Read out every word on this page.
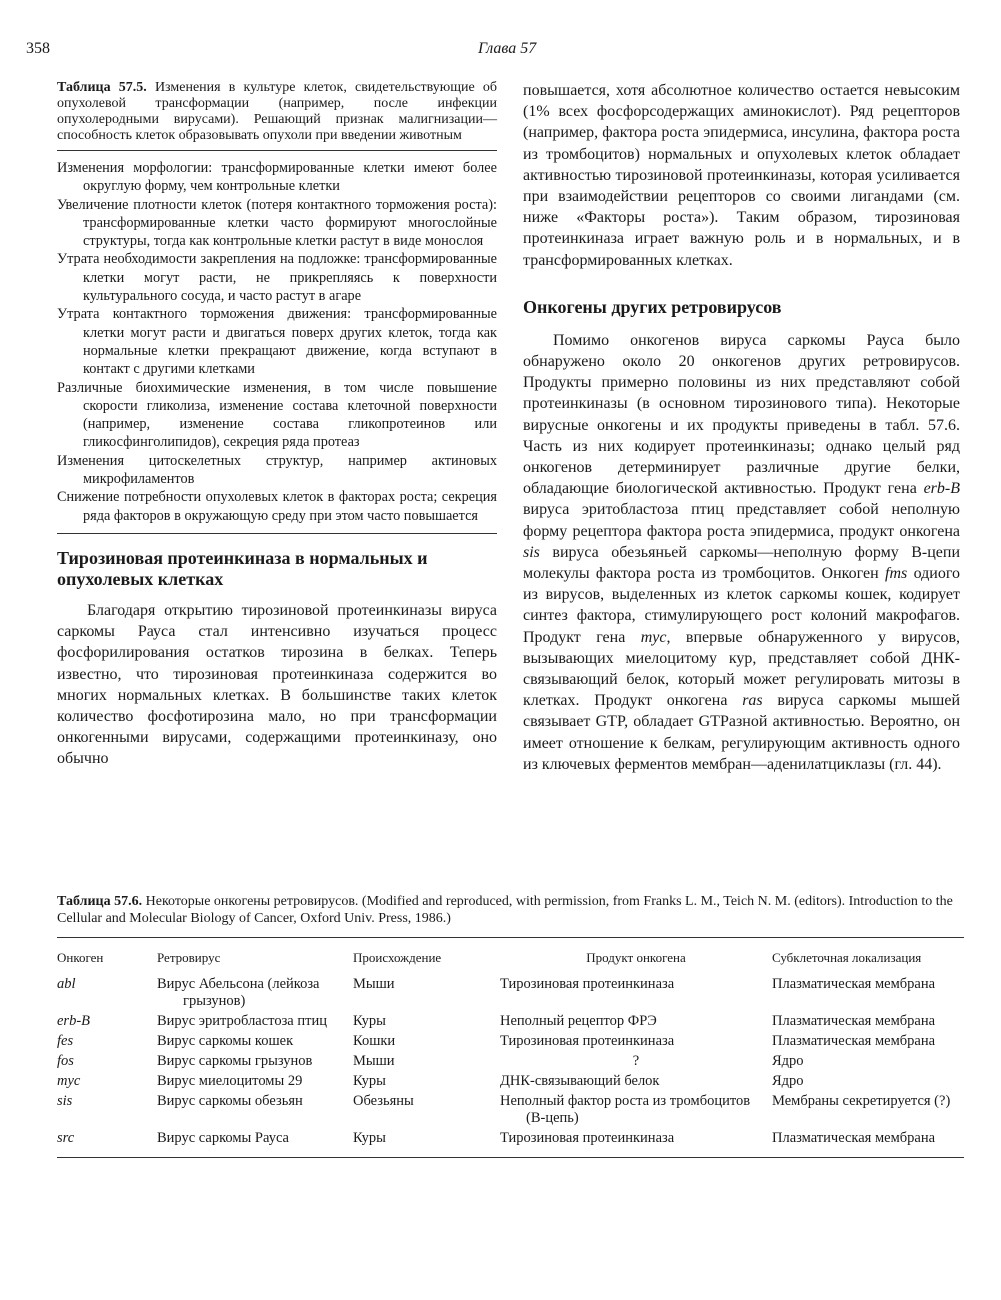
358	Глава 57
Таблица 57.5. Изменения в культуре клеток, свидетельствующие об опухолевой трансформации (например, после инфекции опухолеродными вирусами). Решающий признак малигнизации—способность клеток образовывать опухоли при введении животным
Изменения морфологии: трансформированные клетки имеют более округлую форму, чем контрольные клетки
Увеличение плотности клеток (потеря контактного торможения роста): трансформированные клетки часто формируют многослойные структуры, тогда как контрольные клетки растут в виде монослоя
Утрата необходимости закрепления на подложке: трансформированные клетки могут расти, не прикрепляясь к поверхности культурального сосуда, и часто растут в агаре
Утрата контактного торможения движения: трансформированные клетки могут расти и двигаться поверх других клеток, тогда как нормальные клетки прекращают движение, когда вступают в контакт с другими клетками
Различные биохимические изменения, в том числе повышение скорости гликолиза, изменение состава клеточной поверхности (например, изменение состава гликопротеинов или гликосфинголипидов), секреция ряда протеаз
Изменения цитоскелетных структур, например актиновых микрофиламентов
Снижение потребности опухолевых клеток в факторах роста; секреция ряда факторов в окружающую среду при этом часто повышается
Тирозиновая протеинкиназа в нормальных и опухолевых клетках

Благодаря открытию тирозиновой протеинкиназы вируса саркомы Рауса стал интенсивно изучаться процесс фосфорилирования остатков тирозина в белках. Теперь известно, что тирозиновая протеинкиназа содержится во многих нормальных клетках. В большинстве таких клеток количество фосфотирозина мало, но при трансформации онкогенными вирусами, содержащими протеинкиназу, оно обычно

повышается, хотя абсолютное количество остается невысоким (1% всех фосфорсодержащих аминокислот). Ряд рецепторов (например, фактора роста эпидермиса, инсулина, фактора роста из тромбоцитов) нормальных и опухолевых клеток обладает активностью тирозиновой протеинкиназы, которая усиливается при взаимодействии рецепторов со своими лигандами (см. ниже «Факторы роста»). Таким образом, тирозиновая протеинкиназа играет важную роль и в нормальных, и в трансформированных клетках.

Онкогены других ретровирусов

Помимо онкогенов вируса саркомы Рауса было обнаружено около 20 онкогенов других ретровирусов. Продукты примерно половины из них представляют собой протеинкиназы (в основном тирозинового типа). Некоторые вирусные онкогены и их продукты приведены в табл. 57.6. Часть из них кодирует протеинкиназы; однако целый ряд онкогенов детерминирует различные другие белки, обладающие биологической активностью. Продукт гена erb-B вируса эритобластоза птиц представляет собой неполную форму рецептора фактора роста эпидермиса, продукт онкогена sis вируса обезьяньей саркомы—неполную форму В-цепи молекулы фактора роста из тромбоцитов. Онкоген fms одиого из вирусов, выделенных из клеток саркомы кошек, кодирует синтез фактора, стимулирующего рост колоний макрофагов. Продукт гена myc, впервые обнаруженного у вирусов, вызывающих миелоцитому кур, представляет собой ДНК-связывающий белок, который может регулировать митозы в клетках. Продукт онкогена ras вируса саркомы мышей связывает GTP, обладает GTPазной активностью. Вероятно, он имеет отношение к белкам, регулирующим активность одного из ключевых ферментов мембран—аденилатциклазы (гл. 44).

Таблица 57.6. Некоторые онкогены ретровирусов. (Modified and reproduced, with permission, from Franks L. M., Teich N. M. (editors). Introduction to the Cellular and Molecular Biology of Cancer, Oxford Univ. Press, 1986.)
Онкоген	Ретровирус	Происхождение	Продукт онкогена	Субклеточная локализация
abl	Вирус Абельсона (лейкоза грызунов)	Мыши	Тирозиновая протеинкиназа	Плазматическая мембрана

erb-B	Вирус эритробластоза птиц	Куры	Неполный рецептор ФРЭ	Плазматическая мембрана

fes	Вирус саркомы кошек	Кошки	Тирозиновая протеинкиназа	Плазматическая мембрана

fos	Вирус саркомы грызунов	Мыши	?	Ядро

myc	Вирус миелоцитомы 29	Куры	ДНК-связывающий белок	Ядро

sis	Вирус саркомы обезьян	Обезьяны	Неполный фактор роста из тромбоцитов (В-цепь)	Мембраны секретируется (?)

src	Вирус саркомы Рауса	Куры	Тирозиновая протеинкиназа	Плазматическая мембрана
